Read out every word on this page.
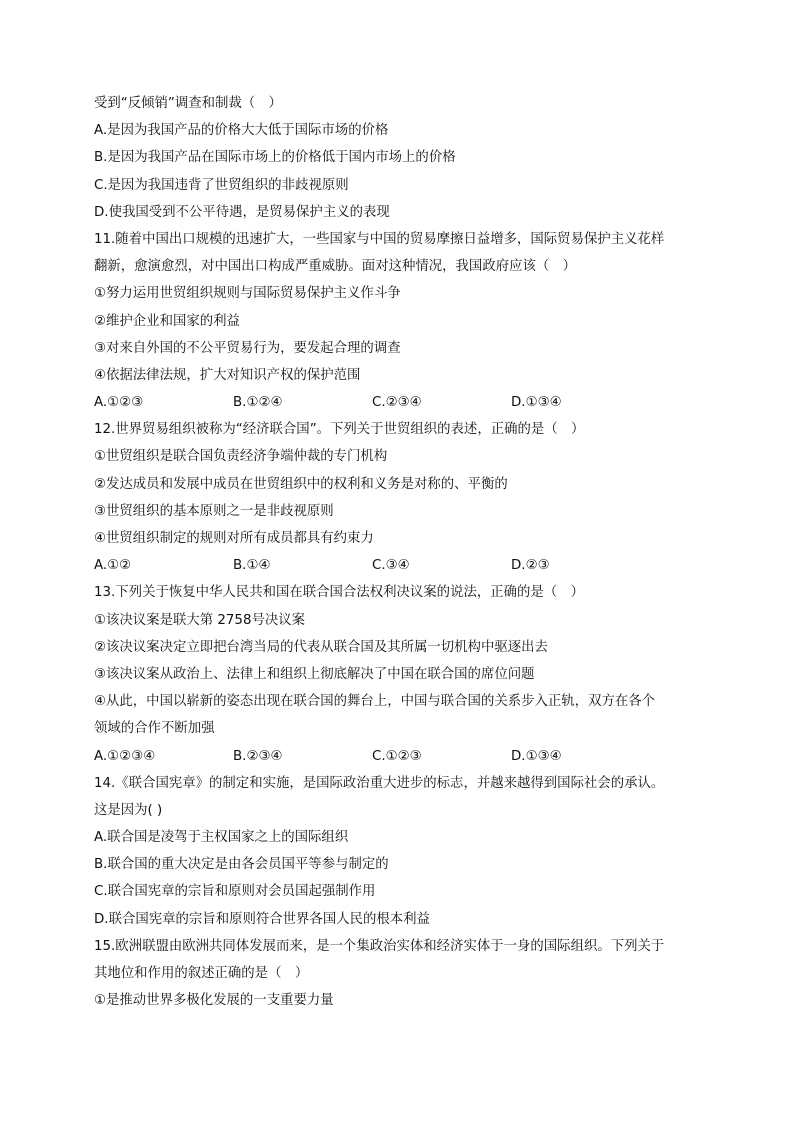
受到“反倾销”调查和制裁（　）
A.是因为我国产品的价格大大低于国际市场的价格
B.是因为我国产品在国际市场上的价格低于国内市场上的价格
C.是因为我国违背了世贸组织的非歧视原则
D.使我国受到不公平待遇，是贸易保护主义的表现
11.随着中国出口规模的迅速扩大，一些国家与中国的贸易摩擦日益增多，国际贸易保护主义花样
翻新，愈演愈烈，对中国出口构成严重威胁。面对这种情况，我国政府应该（　）
①努力运用世贸组织规则与国际贸易保护主义作斗争
②维护企业和国家的利益
③对来自外国的不公平贸易行为，要发起合理的调查
④依据法律法规，扩大对知识产权的保护范围
A.①②③	B.①②④	C.②③④	D.①③④
12.世界贸易组织被称为“经济联合国”。下列关于世贸组织的表述，正确的是（　）
①世贸组织是联合国负责经济争端仲裁的专门机构
②发达成员和发展中成员在世贸组织中的权利和义务是对称的、平衡的
③世贸组织的基本原则之一是非歧视原则
④世贸组织制定的规则对所有成员都具有约束力
A.①②	B.①④	C.③④	D.②③
13.下列关于恢复中华人民共和国在联合国合法权利决议案的说法，正确的是（　）
①该决议案是联大第 2758号决议案
②该决议案决定立即把台湾当局的代表从联合国及其所属一切机构中驱逐出去
③该决议案从政治上、法律上和组织上彻底解决了中国在联合国的席位问题
④从此，中国以崭新的姿态出现在联合国的舞台上，中国与联合国的关系步入正轨，双方在各个
领域的合作不断加强
A.①②③④	B.②③④	C.①②③	D.①③④
14.《联合国宪章》的制定和实施，是国际政治重大进步的标志，并越来越得到国际社会的承认。
这是因为( )
A.联合国是凌驾于主权国家之上的国际组织
B.联合国的重大决定是由各会员国平等参与制定的
C.联合国宪章的宗旨和原则对会员国起强制作用
D.联合国宪章的宗旨和原则符合世界各国人民的根本利益
15.欧洲联盟由欧洲共同体发展而来，是一个集政治实体和经济实体于一身的国际组织。下列关于
其地位和作用的叙述正确的是（　）
①是推动世界多极化发展的一支重要力量
